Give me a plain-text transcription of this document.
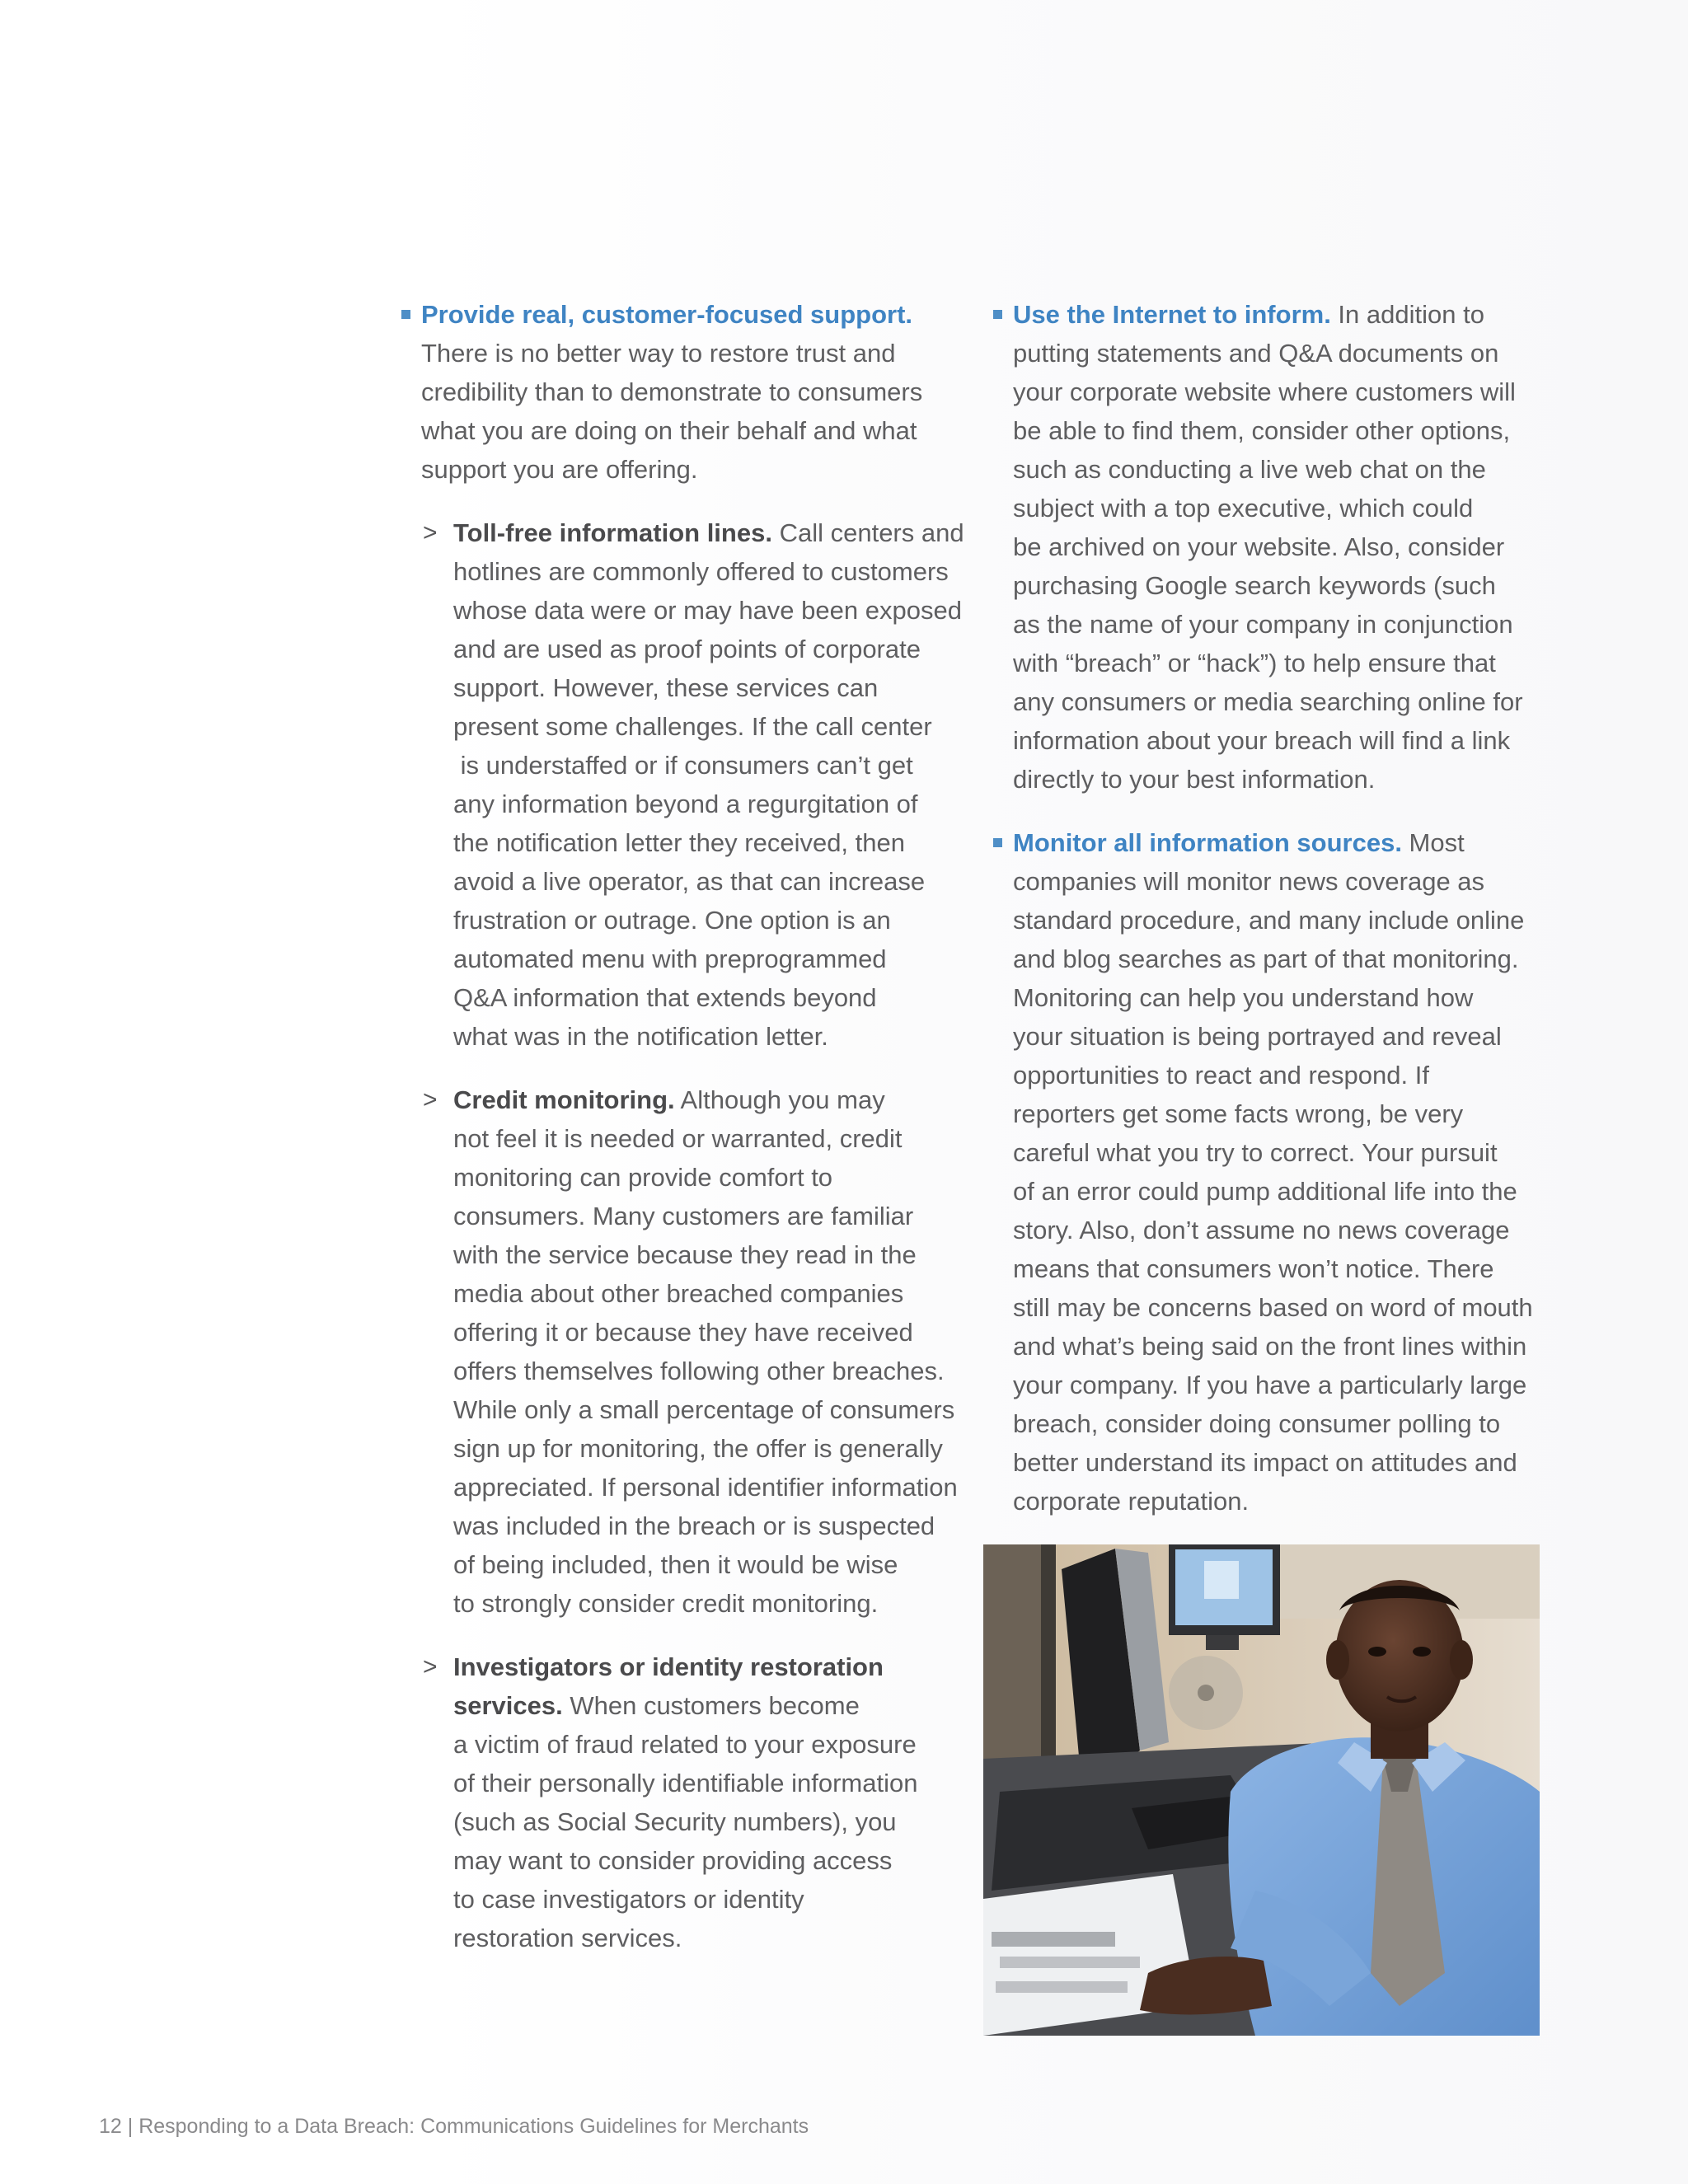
Provide real, customer-focused support.
There is no better way to restore trust and
credibility than to demonstrate to consumers
what you are doing on their behalf and what
support you are offering.
> Toll-free information lines. Call centers and
hotlines are commonly offered to customers
whose data were or may have been exposed
and are used as proof points of corporate
support. However, these services can
present some challenges. If the call center
is understaffed or if consumers can’t get
any information beyond a regurgitation of
the notification letter they received, then
avoid a live operator, as that can increase
frustration or outrage. One option is an
automated menu with preprogrammed
Q&A information that extends beyond
what was in the notification letter.
> Credit monitoring. Although you may
not feel it is needed or warranted, credit
monitoring can provide comfort to
consumers. Many customers are familiar
with the service because they read in the
media about other breached companies
offering it or because they have received
offers themselves following other breaches.
While only a small percentage of consumers
sign up for monitoring, the offer is generally
appreciated. If personal identifier information
was included in the breach or is suspected
of being included, then it would be wise
to strongly consider credit monitoring.
> Investigators or identity restoration
services. When customers become
a victim of fraud related to your exposure
of their personally identifiable information
(such as Social Security numbers), you
may want to consider providing access
to case investigators or identity
restoration services.
Use the Internet to inform. In addition to
putting statements and Q&A documents on
your corporate website where customers will
be able to find them, consider other options,
such as conducting a live web chat on the
subject with a top executive, which could
be archived on your website. Also, consider
purchasing Google search keywords (such
as the name of your company in conjunction
with “breach” or “hack”) to help ensure that
any consumers or media searching online for
information about your breach will find a link
directly to your best information.
Monitor all information sources. Most
companies will monitor news coverage as
standard procedure, and many include online
and blog searches as part of that monitoring.
Monitoring can help you understand how
your situation is being portrayed and reveal
opportunities to react and respond. If
reporters get some facts wrong, be very
careful what you try to correct. Your pursuit
of an error could pump additional life into the
story. Also, don’t assume no news coverage
means that consumers won’t notice. There
still may be concerns based on word of mouth
and what’s being said on the front lines within
your company. If you have a particularly large
breach, consider doing consumer polling to
better understand its impact on attitudes and
corporate reputation.
12 | Responding to a Data Breach: Communications Guidelines for Merchants
